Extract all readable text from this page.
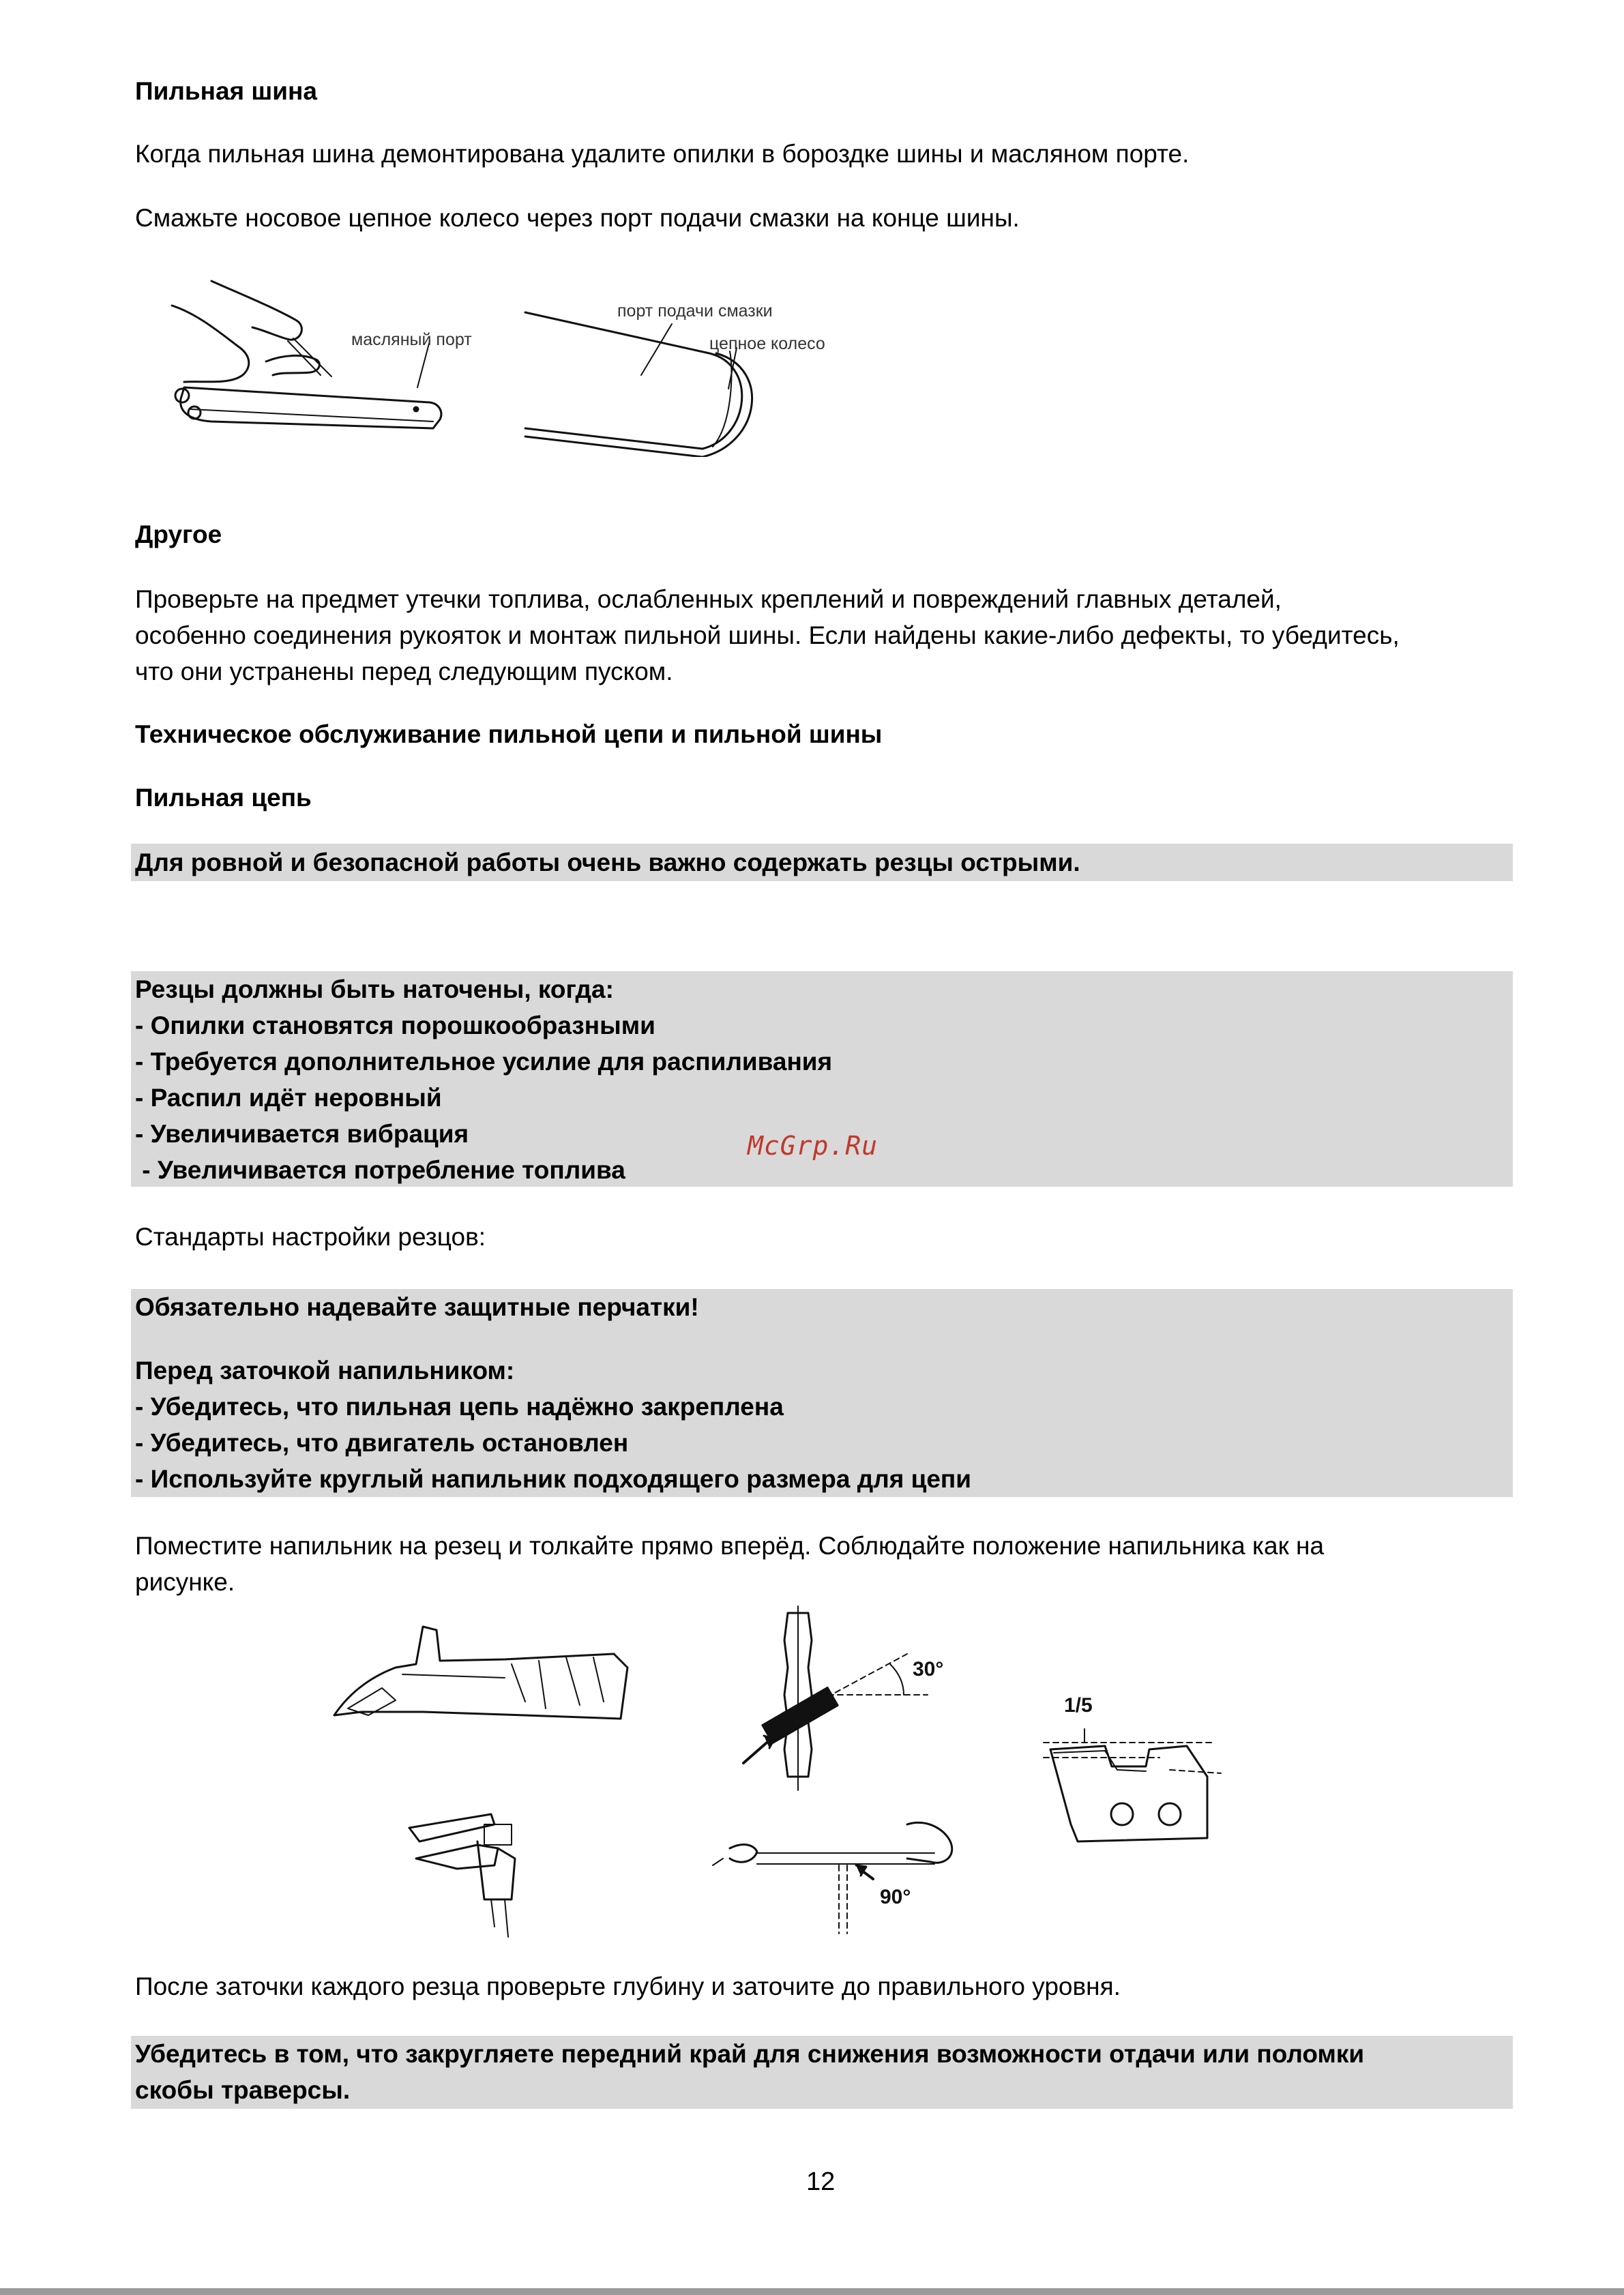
Пильная шина
Когда пильная шина демонтирована удалите опилки в бороздке шины и масляном порте.
Смажьте носовое цепное колесо через порт подачи смазки на конце шины.
масляный порт
порт подачи смазки
цепное колесо
Другое
Проверьте на предмет утечки топлива, ослабленных креплений и повреждений главных деталей,
особенно соединения рукояток и монтаж пильной шины. Если найдены какие-либо дефекты, то убедитесь,
что они устранены перед следующим пуском.
Техническое обслуживание пильной цепи и пильной шины
Пильная цепь
Для ровной и безопасной работы очень важно содержать резцы острыми.
Резцы должны быть наточены, когда:
- Опилки становятся порошкообразными
- Требуется дополнительное усилие для распиливания
- Распил идёт неровный
- Увеличивается вибрация
- Увеличивается потребление топлива
McGrp.Ru
Стандарты настройки резцов:
Обязательно надевайте защитные перчатки!
Перед заточкой напильником:
- Убедитесь, что пильная цепь надёжно закреплена
- Убедитесь, что двигатель остановлен
- Используйте круглый напильник подходящего размера для цепи
Поместите напильник на резец и толкайте прямо вперёд. Соблюдайте положение напильника как на
рисунке.
30°
90°
1/5
После заточки каждого резца проверьте глубину и заточите до правильного уровня.
Убедитесь в том, что закругляете передний край для снижения возможности отдачи или поломки
скобы траверсы.
12
